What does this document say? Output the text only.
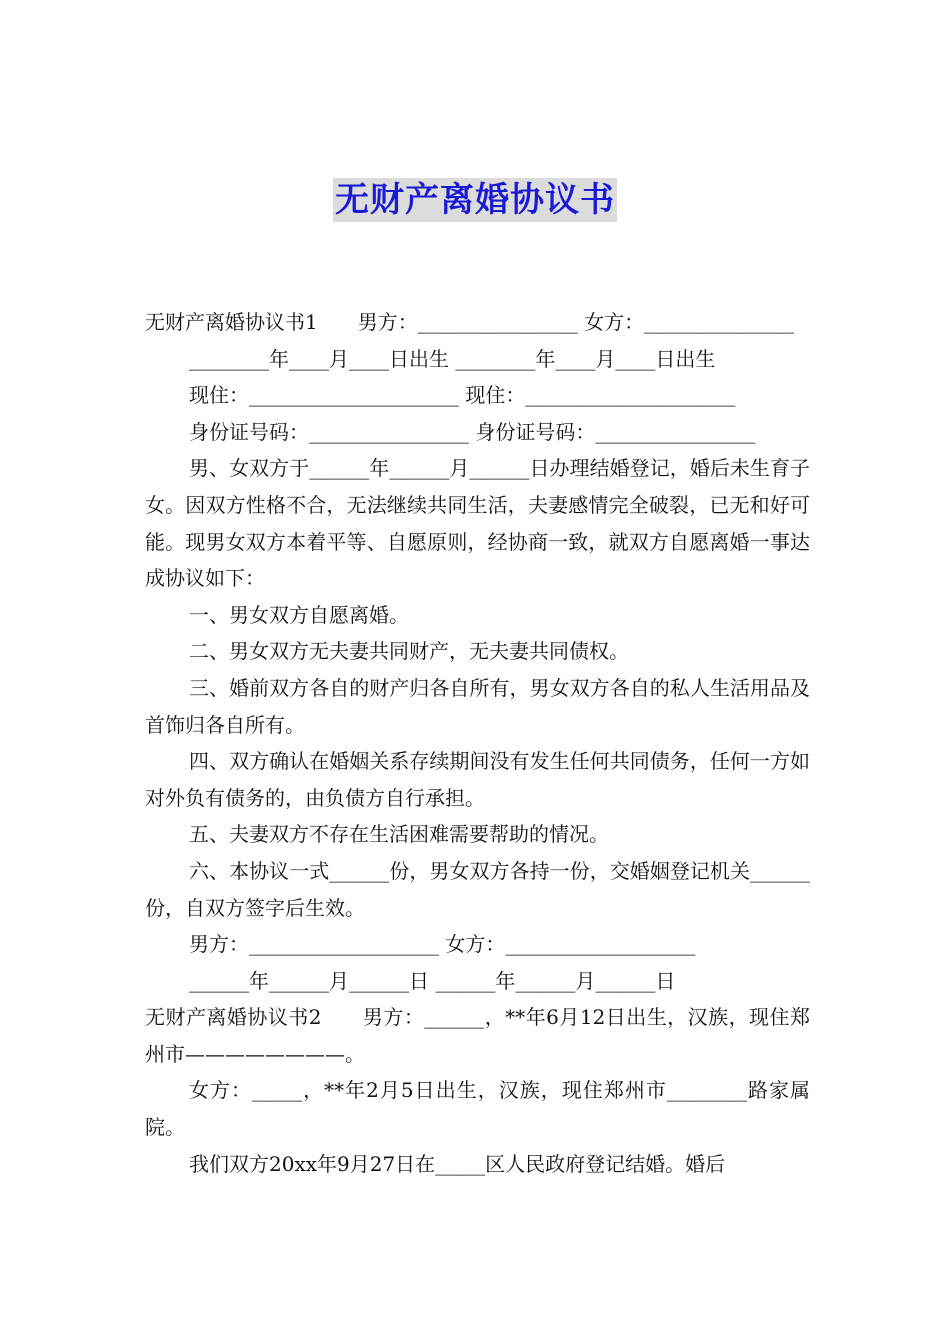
无财产离婚协议书

无财产离婚协议书1　　男方：________________ 女方：_______________

________年____月____日出生 ________年____月____日出生

现住：_____________________ 现住：_____________________

身份证号码：________________ 身份证号码：________________

男、女双方于______年______月______日办理结婚登记，婚后未生育子女。因双方性格不合，无法继续共同生活，夫妻感情完全破裂，已无和好可能。现男女双方本着平等、自愿原则，经协商一致，就双方自愿离婚一事达成协议如下：

一、男女双方自愿离婚。

二、男女双方无夫妻共同财产，无夫妻共同债权。

三、婚前双方各自的财产归各自所有，男女双方各自的私人生活用品及首饰归各自所有。

四、双方确认在婚姻关系存续期间没有发生任何共同债务，任何一方如对外负有债务的，由负债方自行承担。

五、夫妻双方不存在生活困难需要帮助的情况。

六、本协议一式______份，男女双方各持一份，交婚姻登记机关______份，自双方签字后生效。

男方：___________________ 女方：___________________

______年______月______日 ______年______月______日

无财产离婚协议书2　　男方：______，**年6月12日出生，汉族，现住郑州市————————。

女方：_____，**年2月5日出生，汉族，现住郑州市________路家属院。

我们双方20xx年9月27日在_____区人民政府登记结婚。婚后
